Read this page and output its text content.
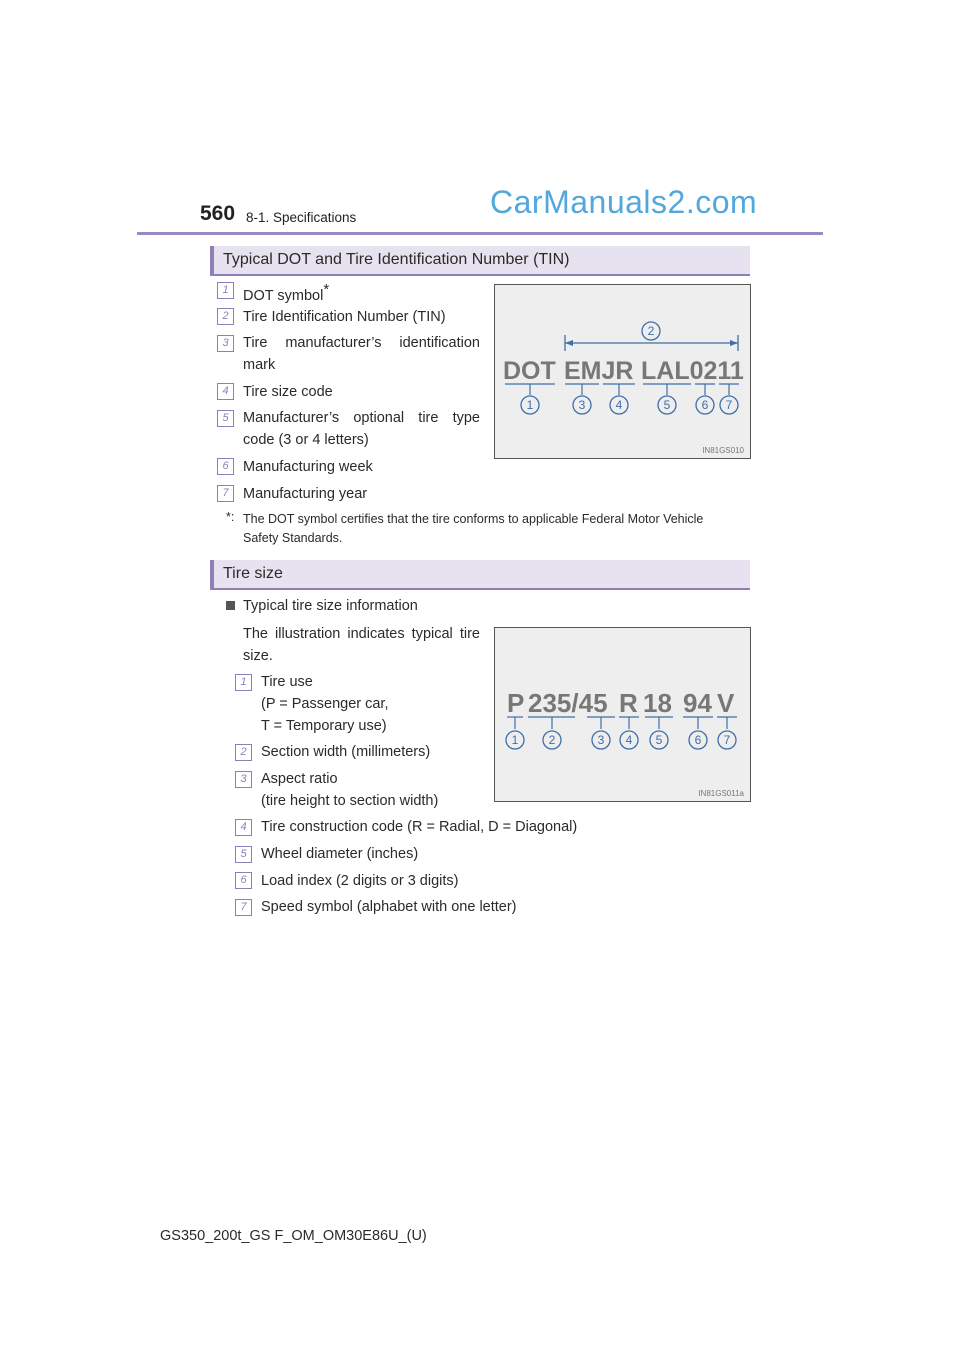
560 8-1. Specifications	CarManuals2.com
Typical DOT and Tire Identification Number (TIN)
1 DOT symbol*
2 Tire Identification Number (TIN)
3 Tire manufacturer’s identification
mark
4 Tire size code
5 Manufacturer’s optional tire type
code (3 or 4 letters)
6 Manufacturing week
7 Manufacturing year
DOT EMJR LAL0211
2
1	3	4	5	6 7
IN81GS010
*: The DOT symbol certifies that the tire conforms to applicable Federal Motor Vehicle
Safety Standards.
Tire size
Typical tire size information
The illustration indicates typical tire
size.
1 Tire use
(P = Passenger car,
T = Temporary use)
2 Section width (millimeters)
3 Aspect ratio
(tire height to section width)
4 Tire construction code (R = Radial, D = Diagonal)
5 Wheel diameter (inches)
6 Load index (2 digits or 3 digits)
7 Speed symbol (alphabet with one letter)
P 235/45 R 18 94 V
1	2	3 4 5	6 7
IN81GS011a
GS350_200t_GS F_OM_OM30E86U_(U)
